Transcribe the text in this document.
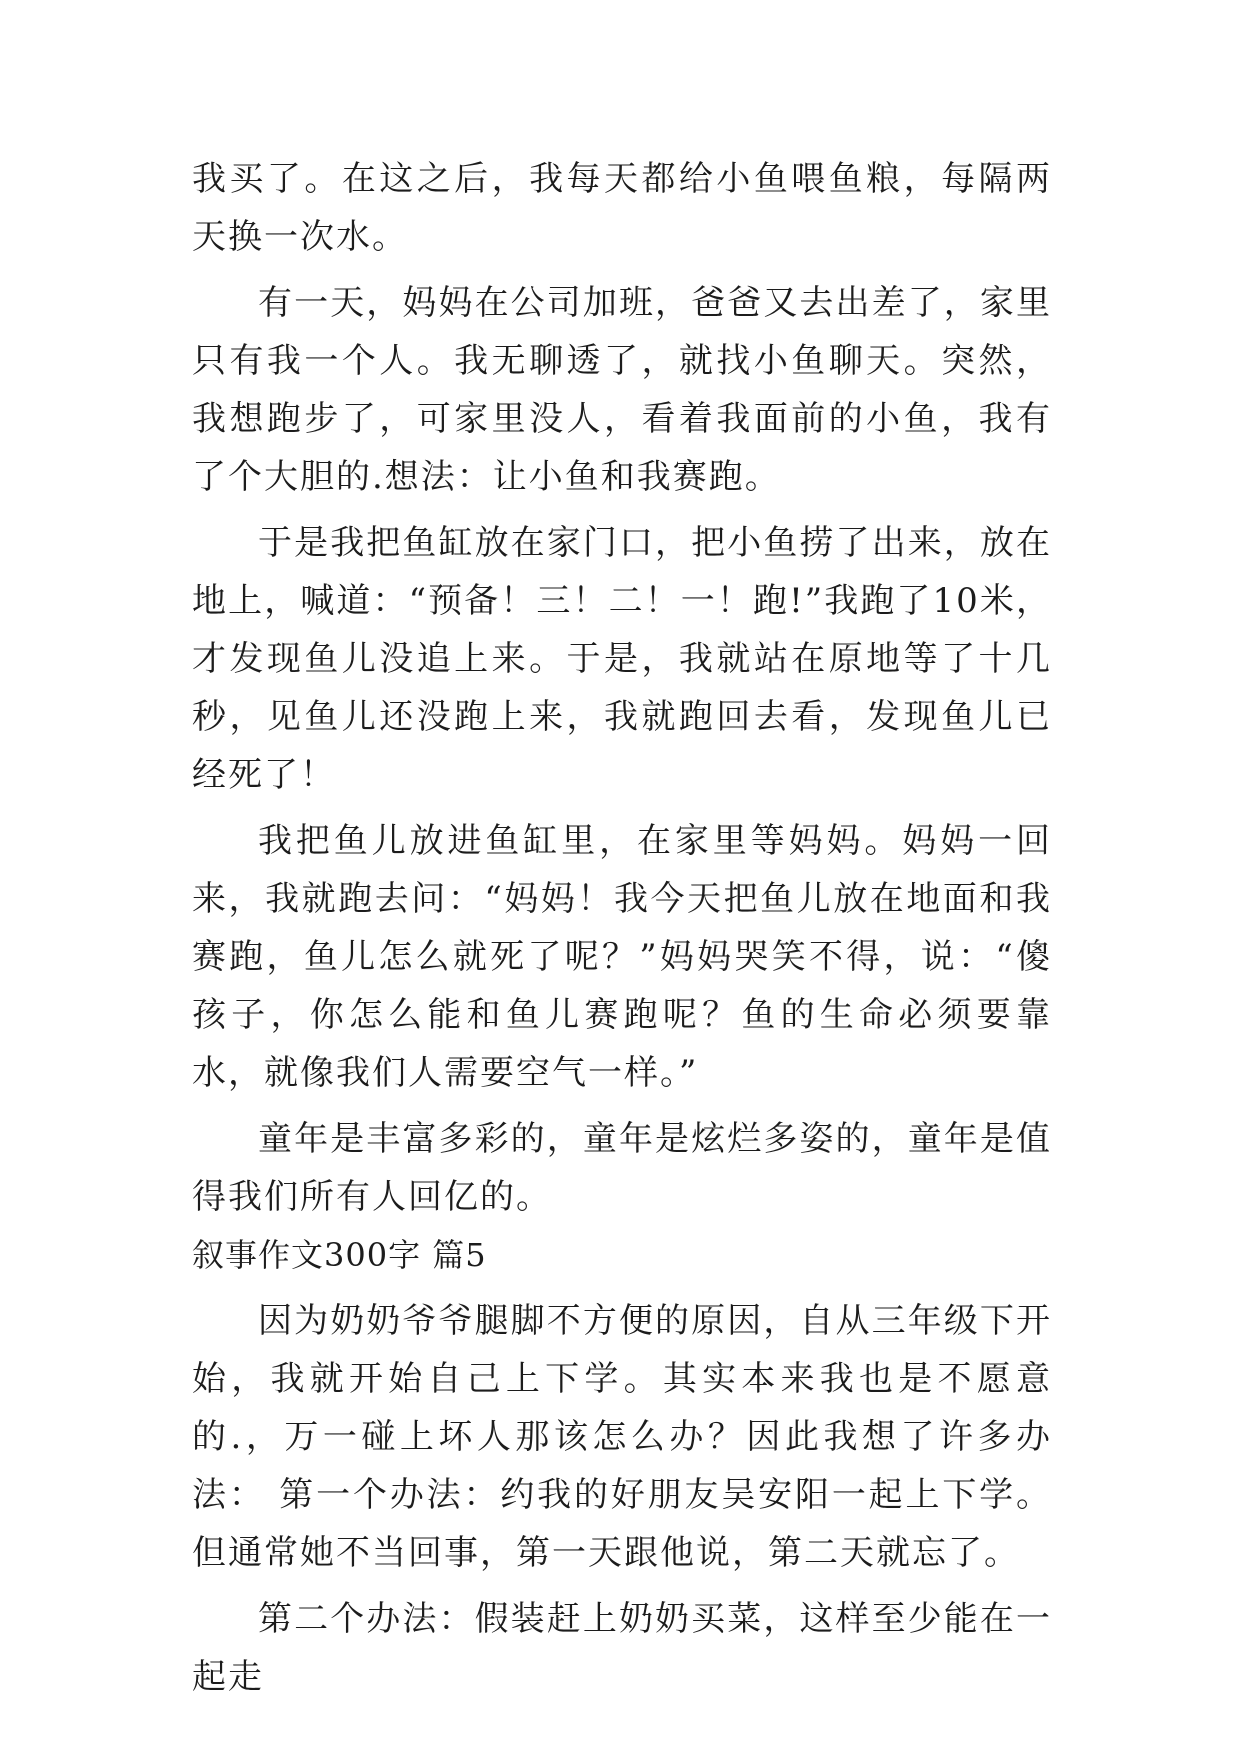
我买了。在这之后，我每天都给小鱼喂鱼粮，每隔两天换一次水。

有一天，妈妈在公司加班，爸爸又去出差了，家里只有我一个人。我无聊透了，就找小鱼聊天。突然，我想跑步了，可家里没人，看着我面前的小鱼，我有了个大胆的.想法：让小鱼和我赛跑。

于是我把鱼缸放在家门口，把小鱼捞了出来，放在地上，喊道：“预备！三！二！一！跑!”我跑了10米，才发现鱼儿没追上来。于是，我就站在原地等了十几秒，见鱼儿还没跑上来，我就跑回去看，发现鱼儿已经死了！

我把鱼儿放进鱼缸里，在家里等妈妈。妈妈一回来，我就跑去问：“妈妈！我今天把鱼儿放在地面和我赛跑，鱼儿怎么就死了呢？”妈妈哭笑不得，说：“傻孩子，你怎么能和鱼儿赛跑呢？鱼的生命必须要靠水，就像我们人需要空气一样。”

童年是丰富多彩的，童年是炫烂多姿的，童年是值得我们所有人回亿的。

叙事作文300字 篇5

因为奶奶爷爷腿脚不方便的原因，自从三年级下开始，我就开始自己上下学。其实本来我也是不愿意的.，万一碰上坏人那该怎么办？因此我想了许多办法： 第一个办法：约我的好朋友吴安阳一起上下学。但通常她不当回事，第一天跟他说，第二天就忘了。

第二个办法：假装赶上奶奶买菜，这样至少能在一起走
